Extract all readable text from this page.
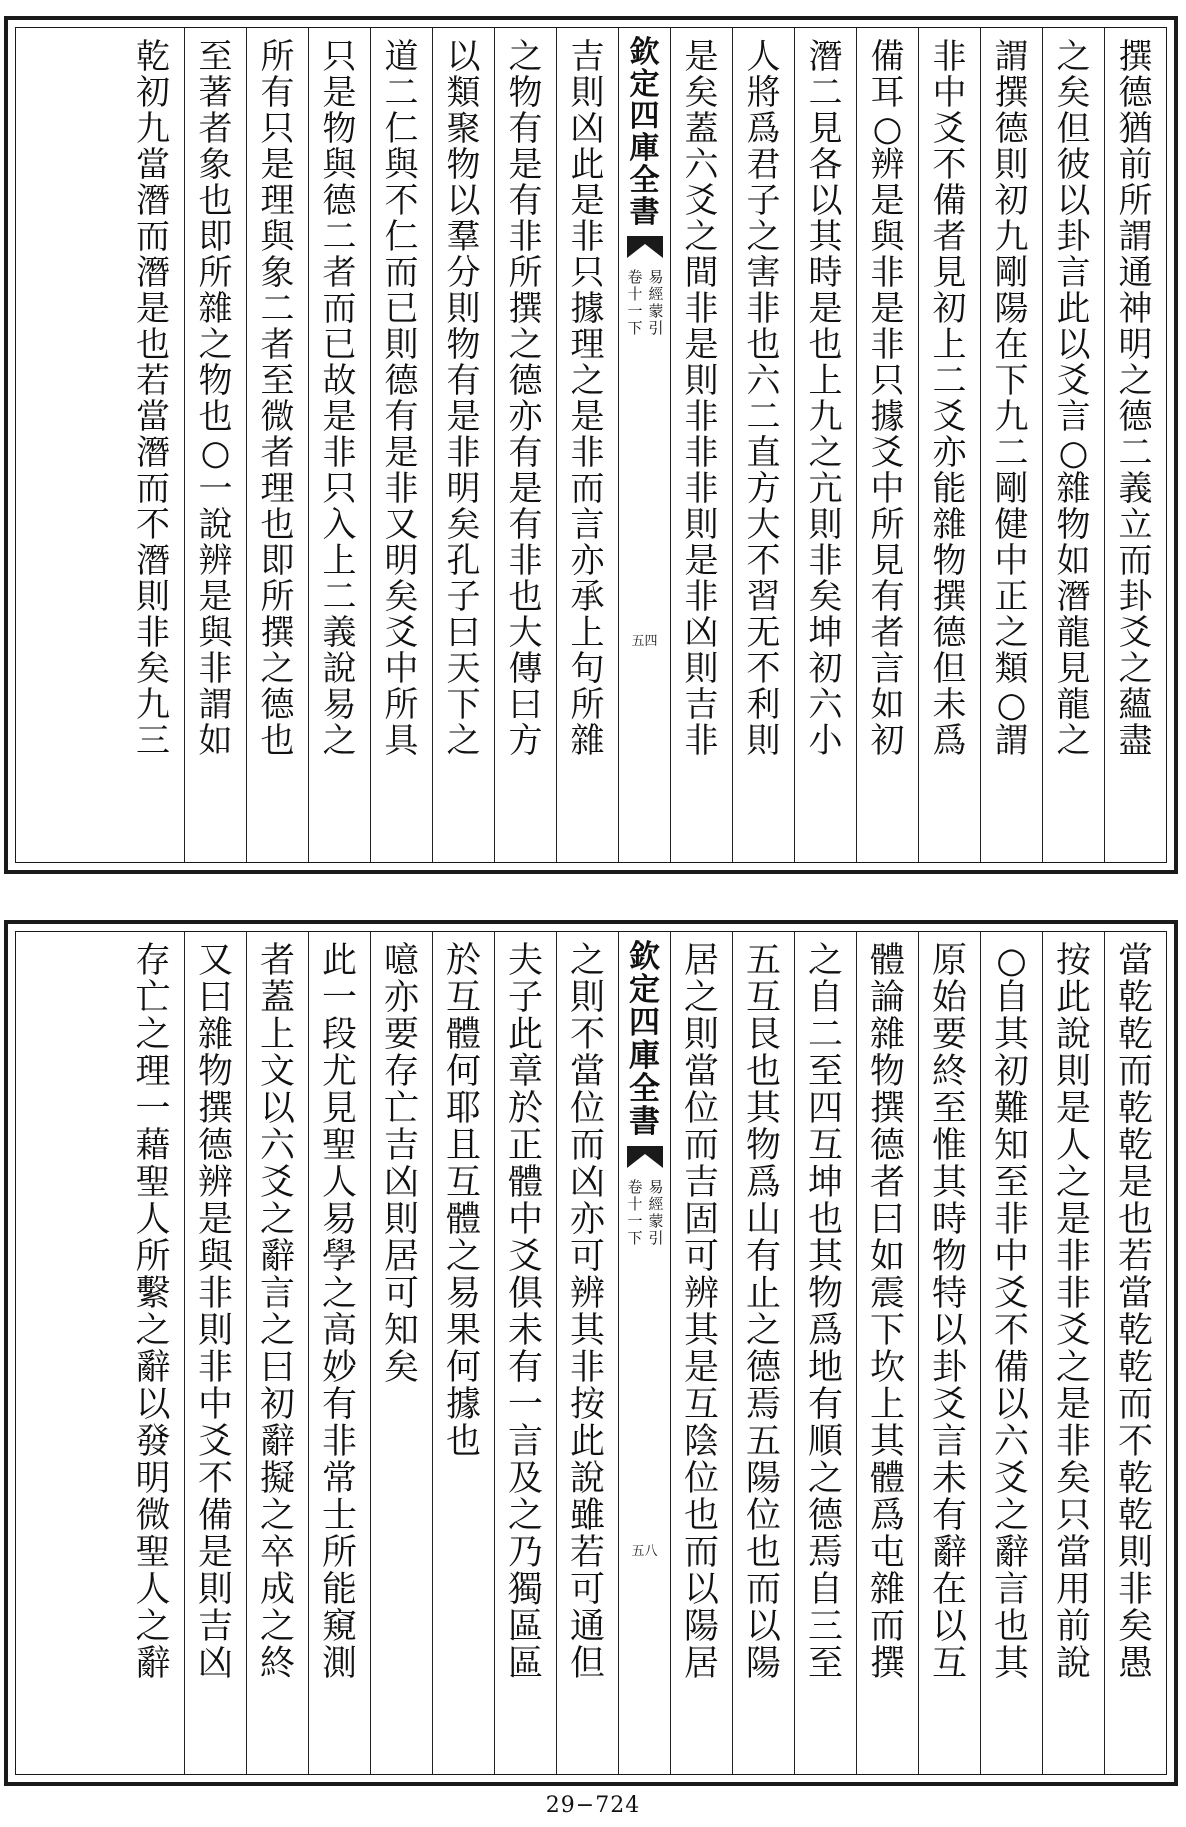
撰
德
猶
前
所
謂
通
神
明
之
德
二
義
立
而
卦
爻
之
蘊
盡
之
矣
但
彼
以
卦
言
此
以
爻
言
○
雜
物
如
潛
龍
見
龍
之
謂
撰
德
則
初
九
剛
陽
在
下
九
二
剛
健
中
正
之
類
○
謂
非
中
爻
不
備
者
見
初
上
二
爻
亦
能
雜
物
撰
德
但
未
爲
備
耳
○
辨
是
與
非
是
非
只
據
爻
中
所
見
有
者
言
如
初
潛
二
見
各
以
其
時
是
也
上
九
之
亢
則
非
矣
坤
初
六
小
人
將
爲
君
子
之
害
非
也
六
二
直
方
大
不
習
无
不
利
則
是
矣
蓋
六
爻
之
間
非
是
則
非
非
非
則
是
非
凶
則
吉
非
欽
定
四
庫
全
書
易
經
蒙
引
卷
十
一
下
五四
吉
則
凶
此
是
非
只
據
理
之
是
非
而
言
亦
承
上
句
所
雜
之
物
有
是
有
非
所
撰
之
德
亦
有
是
有
非
也
大
傳
曰
方
以
類
聚
物
以
羣
分
則
物
有
是
非
明
矣
孔
子
曰
天
下
之
道
二
仁
與
不
仁
而
已
則
德
有
是
非
又
明
矣
爻
中
所
具
只
是
物
與
德
二
者
而
已
故
是
非
只
入
上
二
義
說
易
之
所
有
只
是
理
與
象
二
者
至
微
者
理
也
即
所
撰
之
德
也
至
著
者
象
也
即
所
雜
之
物
也
○
一
說
辨
是
與
非
謂
如
乾
初
九
當
潛
而
潛
是
也
若
當
潛
而
不
潛
則
非
矣
九
三
當
乾
乾
而
乾
乾
是
也
若
當
乾
乾
而
不
乾
乾
則
非
矣
愚
按
此
說
則
是
人
之
是
非
非
爻
之
是
非
矣
只
當
用
前
說
○
自
其
初
難
知
至
非
中
爻
不
備
以
六
爻
之
辭
言
也
其
原
始
要
終
至
惟
其
時
物
特
以
卦
爻
言
未
有
辭
在
以
互
體
論
雜
物
撰
德
者
曰
如
震
下
坎
上
其
體
爲
屯
雜
而
撰
之
自
二
至
四
互
坤
也
其
物
爲
地
有
順
之
德
焉
自
三
至
五
互
艮
也
其
物
爲
山
有
止
之
德
焉
五
陽
位
也
而
以
陽
居
之
則
當
位
而
吉
固
可
辨
其
是
互
陰
位
也
而
以
陽
居
欽
定
四
庫
全
書
易
經
蒙
引
卷
十
一
下
五八
之
則
不
當
位
而
凶
亦
可
辨
其
非
按
此
說
雖
若
可
通
但
夫
子
此
章
於
正
體
中
爻
俱
未
有
一
言
及
之
乃
獨
區
區
於
互
體
何
耶
且
互
體
之
易
果
何
據
也
噫
亦
要
存
亡
吉
凶
則
居
可
知
矣
此
一
段
尤
見
聖
人
易
學
之
高
妙
有
非
常
士
所
能
窺
測
者
蓋
上
文
以
六
爻
之
辭
言
之
曰
初
辭
擬
之
卒
成
之
終
又
曰
雜
物
撰
德
辨
是
與
非
則
非
中
爻
不
備
是
則
吉
凶
存
亡
之
理
一
藉
聖
人
所
繫
之
辭
以
發
明
微
聖
人
之
辭
29−724
